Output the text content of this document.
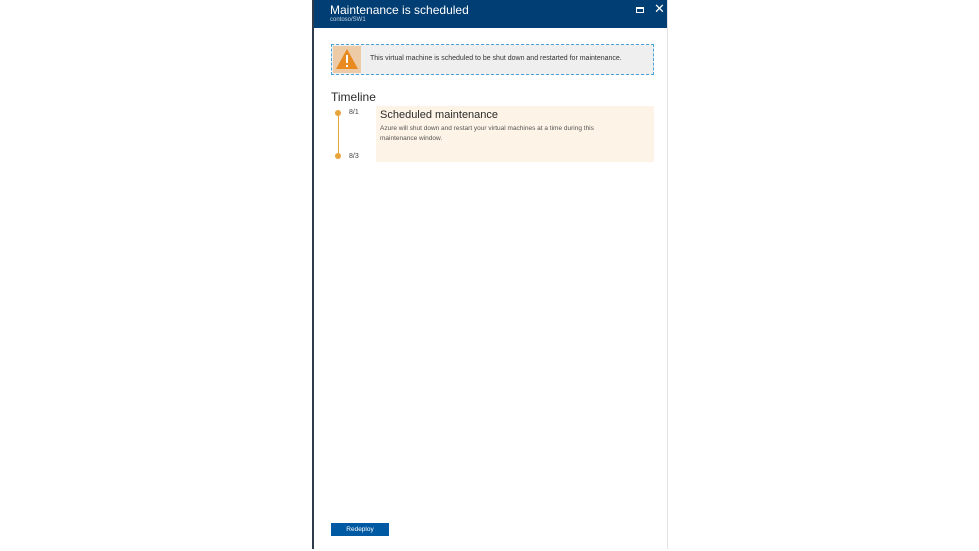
Maintenance is scheduled
contoso/SW1
✕
This virtual machine is scheduled to be shut down and restarted for maintenance.
Timeline
8/1
8/3
Scheduled maintenance
Azure will shut down and restart your virtual machines at a time during this maintenance window.
Redeploy
